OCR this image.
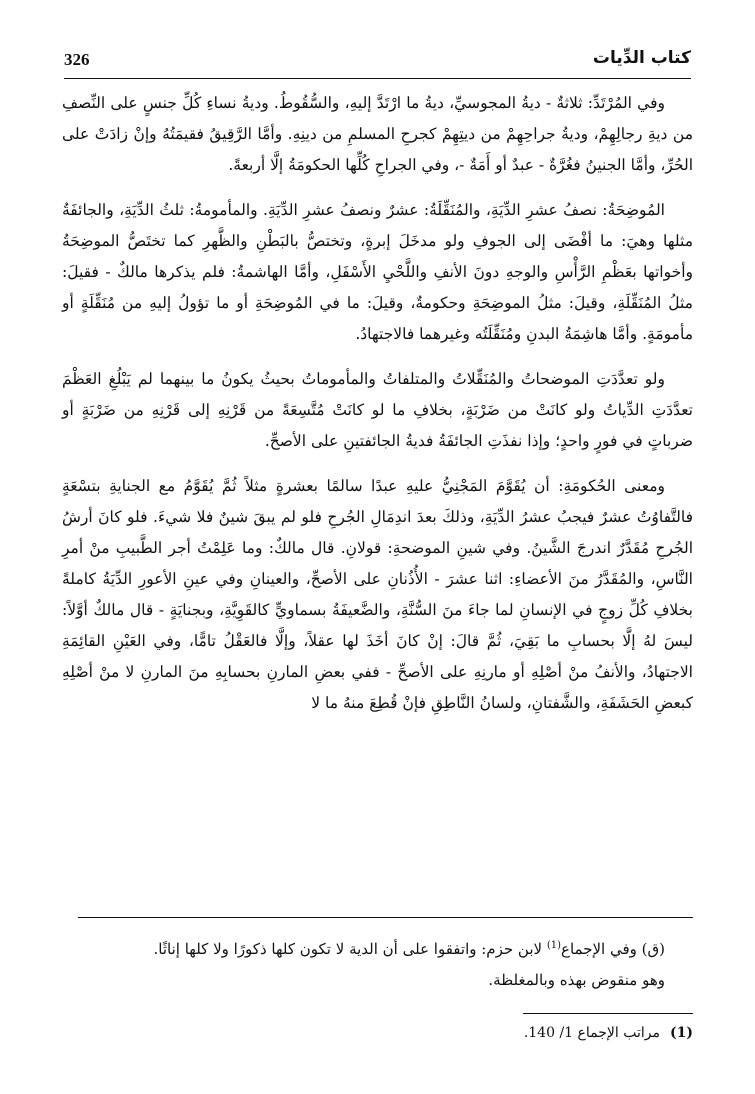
326	كتاب الدِّيات

وفي المُرْتَدِّ: ثلاثةٌ - ديةُ المجوسيِّ، ديةُ ما ارْتَدَّ إليهِ، والسُّقُوطُ. وديةُ نساءِ كُلِّ جنسٍ على النِّصفِ من ديةِ رجالِهِمْ، وديةُ جراحِهِمْ من ديتِهِمْ كجرحِ المسلمِ من دينِهِ. وأمَّا الرَّقِيقُ فقيمَتُهُ وإنْ زادَتْ على الحُرِّ، وأمَّا الجنينُ فغُرَّةٌ - عبدٌ أو أَمَةٌ -، وفي الجراحِ كُلِّها الحكومَةُ إلَّا أربعةً.

المُوضِحَةُ: نصفُ عشرِ الدِّيَةِ، والمُنَقِّلَةُ: عشرٌ ونصفُ عشرِ الدِّيَةِ. والمأمومةُ: ثلثُ الدِّيَةِ، والجائفَةُ مثلها وهيَ: ما أفْضَى إلى الجوفِ ولو مدخَلَ إبرةٍ، وتختصُّ بالبَطْنِ والظَّهرِ كما تختَصُّ الموضِحَةُ وأخواتها بعَظْمِ الرَّأْسِ والوجهِ دونَ الأنفِ واللَّحْيِ الأَسْفَلِ، وأمَّا الهاشمةُ: فلم يذكرها مالكٌ - فقيلَ: مثلُ المُنَقِّلَةِ، وقيلَ: مثلُ الموضِحَةِ وحكومةٌ، وقيلَ: ما في المُوضِحَةِ أو ما تؤولُ إليهِ من مُنَقِّلَةٍ أو مأمومَةٍ. وأمَّا هاشِمَةُ البدنِ ومُنَقِّلَتُه وغيرهما فالاجتهادُ.

ولو تعدَّدَتِ الموضحاتُ والمُنَقِّلاتُ والمتلفاتُ والمأموماتُ بحيثُ يكونُ ما بينهما لم يَبْلُغِ العَظْمَ تعدَّدَتِ الدِّياتُ ولو كانَتْ من ضَرْبَةٍ، بخلافِ ما لو كانَتْ مُتَّسِعَةً من قَرْنِهِ إلى قَرْنِهِ من ضَرْبَةٍ أو ضرباتٍ في فورٍ واحدٍ؛ وإذا نفذَتِ الجائفَةُ فديةُ الجائفتينِ على الأصحِّ.

ومعنى الحُكومَةِ: أن يُقَوَّمَ المَجْنِيُّ عليهِ عبدًا سالمًا بعشرةٍ مثلاً ثُمَّ يُقَوَّمُ مع الجنايةِ بتسْعَةٍ فالتَّفاوُتُ عشرٌ فيجبُ عشرُ الدِّيَةِ، وذلكَ بعدَ اندِمَالِ الجُرحِ فلو لم يبقَ شينٌ فلا شيءَ. فلو كانَ أرشُ الجُرحِ مُقَدَّرٌ اندرجَ الشَّينُ. وفي شينِ الموضحةِ: قولانِ. قال مالكٌ: وما عَلِمْتُ أجر الطَّبيبِ منْ أمرِ النَّاسِ، والمُقَدَّرُ منَ الأعضاءِ: اثنا عشرَ - الأُذُنانِ على الأصحِّ، والعينانِ وفي عينِ الأعورِ الدِّيَةُ كاملةً بخلافِ كُلِّ زوجٍ في الإنسانِ لما جاءَ منَ السُّنَّةِ، والضَّعيفَةُ بسماويٍّ كالقَوِيَّةِ، وبجنايَةٍ - قال مالكٌ أوَّلاً: ليسَ لهُ إلَّا بحسابِ ما بَقِيَ، ثُمَّ قالَ: إنْ كانَ أخَذَ لها عقلاً، وإلَّا فالعَقْلُ تامًّا، وفي العَيْنِ القائِمَةِ الاجتهادُ، والأنفُ منْ أصْلِهِ أو مارنِهِ على الأصحِّ - ففي بعضِ المارنِ بحسابِهِ منَ المارنِ لا منْ أصْلِهِ كبعضِ الحَشَفَةِ، والشَّفتانِ، ولسانُ النَّاطِقِ فإنْ قُطِعَ منهُ ما لا

(ق) وفي الإجماع$^{(1)}$ لابن حزم: واتفقوا على أن الدية لا تكون كلها ذكورًا ولا كلها إناثًا.

وهو منقوض بهذه وبالمغلظة.

(1)مراتب الإجماع 1/ 140.
